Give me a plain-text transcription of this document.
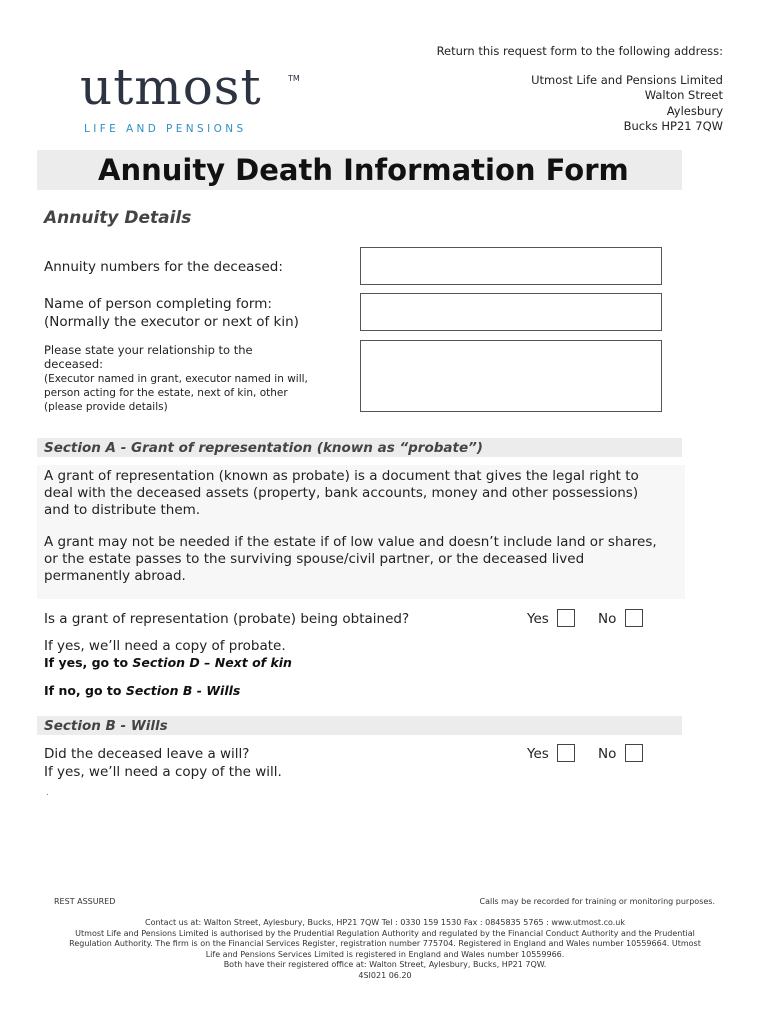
Return this request form to the following address:
Utmost Life and Pensions Limited
Walton Street
Aylesbury
Bucks HP21 7QW
utmost	TM
LIFE AND PENSIONS
Annuity Death Information Form
Annuity Details
Annuity numbers for the deceased:
Name of person completing form:
(Normally the executor or next of kin)
Please state your relationship to the
deceased:
(Executor named in grant, executor named in will,
person acting for the estate, next of kin, other
(please provide details)
Section A - Grant of representation (known as “probate”)
A grant of representation (known as probate) is a document that gives the legal right to
deal with the deceased assets (property, bank accounts, money and other possessions)
and to distribute them.
A grant may not be needed if the estate if of low value and doesn’t include land or shares,
or the estate passes to the surviving spouse/civil partner, or the deceased lived
permanently abroad.
Is a grant of representation (probate) being obtained?	Yes	No
If yes, we’ll need a copy of probate.
If yes, go to Section D – Next of kin
If no, go to Section B - Wills
Section B - Wills
Did the deceased leave a will?	Yes	No
If yes, we’ll need a copy of the will.
.
REST ASSURED	Calls may be recorded for training or monitoring purposes.
Contact us at: Walton Street, Aylesbury, Bucks, HP21 7QW Tel : 0330 159 1530 Fax : 0845835 5765 : www.utmost.co.uk
Utmost Life and Pensions Limited is authorised by the Prudential Regulation Authority and regulated by the Financial Conduct Authority and the Prudential
Regulation Authority. The firm is on the Financial Services Register, registration number 775704. Registered in England and Wales number 10559664. Utmost
Life and Pensions Services Limited is registered in England and Wales number 10559966.
Both have their registered office at: Walton Street, Aylesbury, Bucks, HP21 7QW.
4SI021 06.20
